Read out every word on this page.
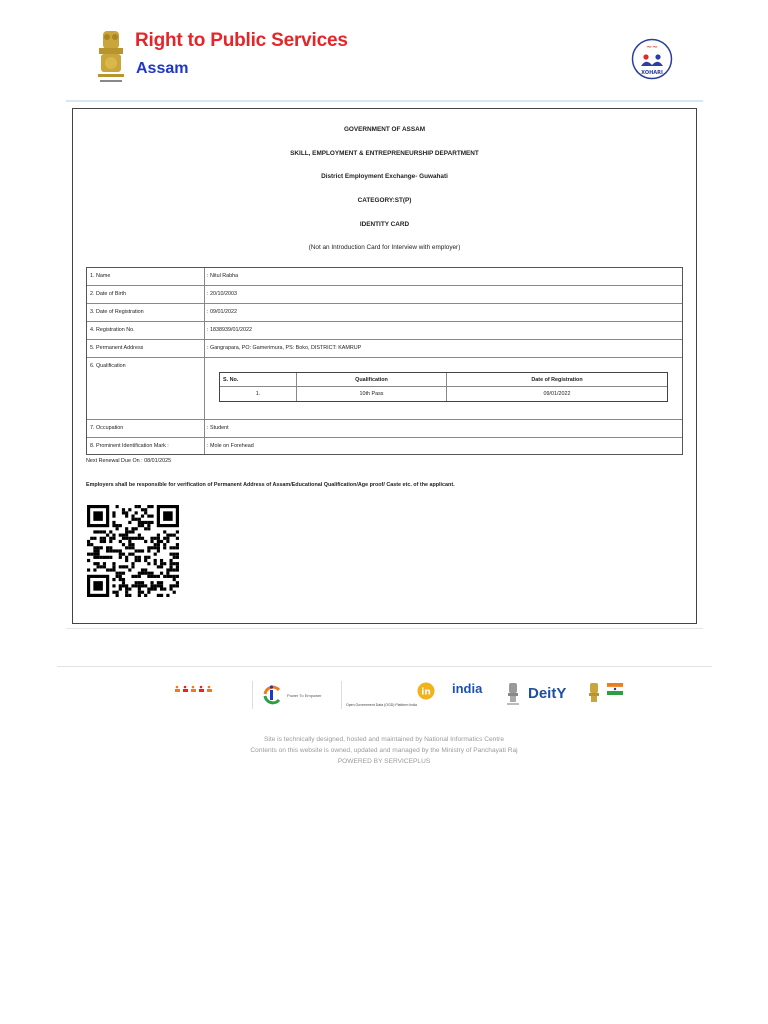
Right to Public Services
Assam
~~
XOHARI
GOVERNMENT OF ASSAM
SKILL, EMPLOYMENT & ENTREPRENEURSHIP DEPARTMENT
District Employment Exchange- Guwahati
CATEGORY:ST(P)
IDENTITY CARD
(Not an Introduction Card for Interview with employer)
1. Name	: Nitul Rabha
2. Date of Birth	: 20/10/2003
3. Date of Registration	: 09/01/2022
4. Registration No.	: 1838939/01/2022
5. Permanent Address	: Gangrapara, PO: Gamerimura, PS: Boko, DISTRICT: KAMRUP
6. Qualification
7. Occupation	: Student
8. Prominent Identification Mark :	: Mole on Forehead
S. No.	Qualification	Date of Registration
1.	10th Pass	09/01/2022
Next Renewal Due On : 08/01/2025
Employers shall be responsible for verification of Permanent Address of Assam/Educational Qualification/Age proof/ Caste etc. of the applicant.
Power To Empower	in
Open Government Data (OGD) Platform India
india	DeitY
Site is technically designed, hosted and maintained by National Informatics Centre
Contents on this website is owned, updated and managed by the Ministry of Panchayati Raj
POWERED BY SERVICEPLUS
